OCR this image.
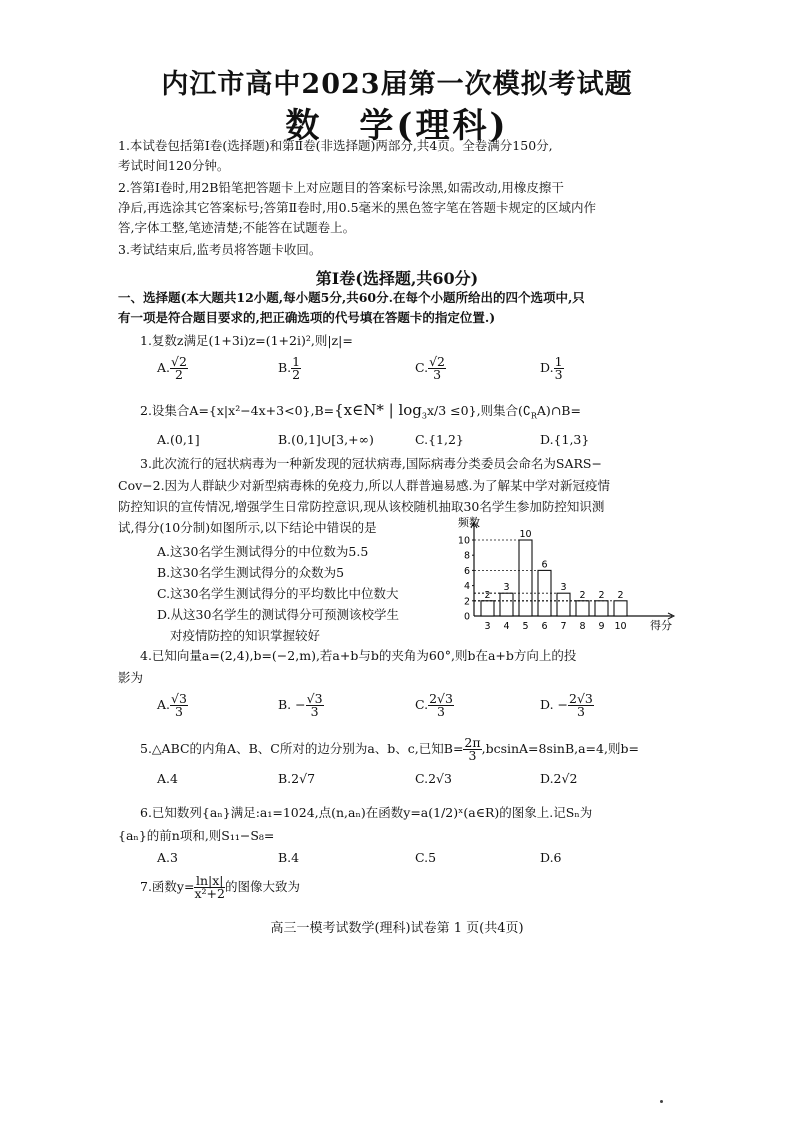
内江市高中2023届第一次模拟考试题
数　学(理科)
1.本试卷包括第Ⅰ卷(选择题)和第Ⅱ卷(非选择题)两部分,共4页。全卷满分150分,
考试时间120分钟。
2.答第Ⅰ卷时,用2B铅笔把答题卡上对应题目的答案标号涂黑,如需改动,用橡皮擦干
净后,再选涂其它答案标号;答第Ⅱ卷时,用0.5毫米的黑色签字笔在答题卡规定的区域内作
答,字体工整,笔迹清楚;不能答在试题卷上。
3.考试结束后,监考员将答题卡收回。
第Ⅰ卷(选择题,共60分)
一、选择题(本大题共12小题,每小题5分,共60分.在每个小题所给出的四个选项中,只
有一项是符合题目要求的,把正确选项的代号填在答题卡的指定位置.)
1.复数z满足(1+3i)z=(1+2i)²,则|z|=
A. $\frac{√2}{2}$	B. $\frac{1}{2}$	C. $\frac{√2}{3}$	D. $\frac{1}{3}$
2.设集合A={x|x²−4x+3<0},B={x∈N* | $\log_3x/3 \le 0$},则集合$(∁_RA)\cap B=$
A.(0,1]	B.(0,1]∪[3,+∞)	C.{1,2}	D.{1,3}
3.此次流行的冠状病毒为一种新发现的冠状病毒,国际病毒分类委员会命名为SARS−
Cov−2.因为人群缺少对新型病毒株的免疫力,所以人群普遍易感.为了解某中学对新冠疫情
防控知识的宣传情况,增强学生日常防控意识,现从该校随机抽取30名学生参加防控知识测
试,得分(10分制)如图所示,以下结论中错误的是
A.这30名学生测试得分的中位数为5.5
B.这30名学生测试得分的众数为5
C.这30名学生测试得分的平均数比中位数大
D.从这30名学生的测试得分可预测该校学生
对疫情防控的知识掌握较好
频数
得分
0
2
4
6
8
10
2
3
3
4
10
5
6
6
3
7
2
8
2
9
2
10
4.已知向量a=(2,4),b=(−2,m),若a+b与b的夹角为60°,则b在a+b方向上的投
影为
A. $\frac{√3}{3}$	B. − $\frac{√3}{3}$	C. $\frac{2√3}{3}$	D. − $\frac{2√3}{3}$
5.△ABC的内角A、B、C所对的边分别为a、b、c,已知$B= \frac{2\pi}{3} ,bcsinA=8\sin B,a=4$,则b=
A.4	B.2√7	C.2√3	D.2√2
6.已知数列{aₙ}满足:a₁=1024,点(n,aₙ)在函数y=a(1/2)ˣ(a∈R)的图象上.记Sₙ为
{aₙ}的前n项和,则S₁₁−S₈=
A.3	B.4	C.5	D.6
7.函数$y= \frac{\ln|x|}{\text{x²+2}}$ 的图像大致为
高三一模考试数学(理科)试卷第 1 页(共4页)
